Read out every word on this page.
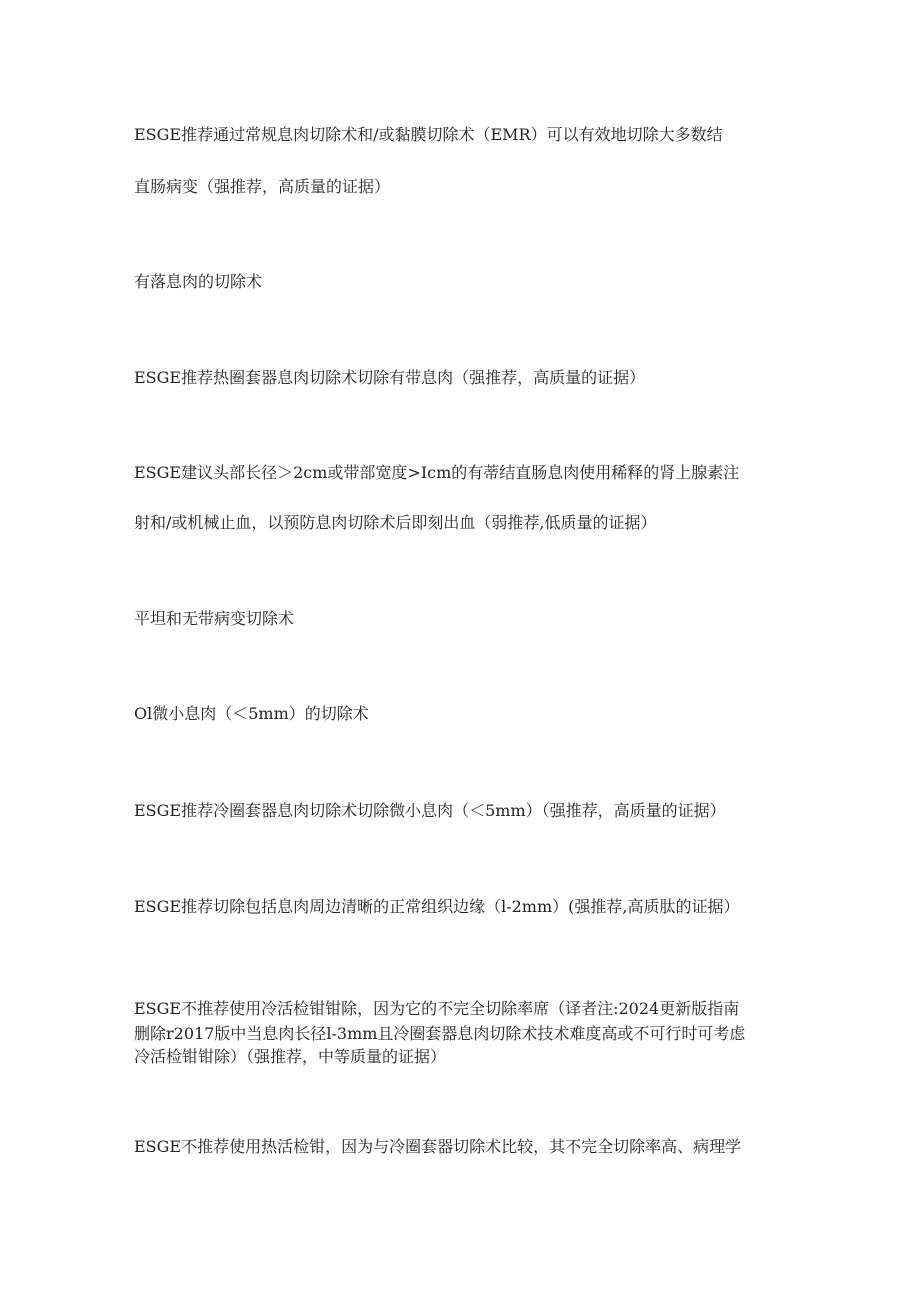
ESGE推荐通过常规息肉切除术和/或黏膜切除术（EMR）可以有效地切除大多数结
直肠病变（强推荐，高质量的证据）
有落息肉的切除术
ESGE推荐热圈套器息肉切除术切除有带息肉（强推荐，高质量的证据）
ESGE建议头部长径＞2cm或带部宽度>Icm的有蒂结直肠息肉使用稀释的肾上腺素注
射和/或机械止血，以预防息肉切除术后即刻出血（弱推荐,低质量的证据）
平坦和无带病变切除术
Ol微小息肉（＜5mm）的切除术
ESGE推荐冷圈套器息肉切除术切除微小息肉（＜5mm）（强推荐，高质量的证据）
ESGE推荐切除包括息肉周边清晰的正常组织边缘（l-2mm）(强推荐,高质肽的证据）
ESGE不推荐使用冷活检钳钳除，因为它的不完全切除率席（译者注:2024更新版指南
删除r2017版中当息肉长径l-3mm且冷圈套器息肉切除术技术难度高或不可行时可考虑
冷活检钳钳除）（强推荐，中等质量的证据）
ESGE不推荐使用热活检钳，因为与冷圈套器切除术比较，其不完全切除率高、病理学
